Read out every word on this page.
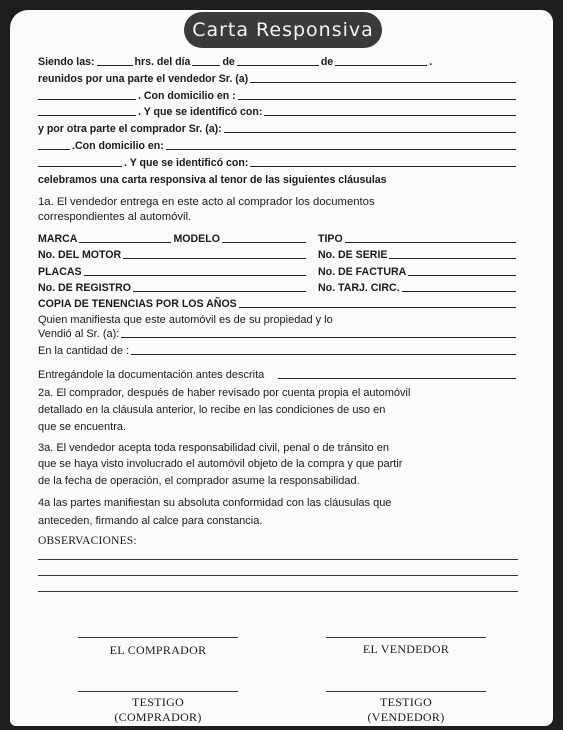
Carta Responsiva
Siendo las:	hrs. del día	de	de	.
reunidos por una parte el vendedor Sr. (a)
. Con domicilio en :
. Y que se identificó con:
y por otra parte el comprador Sr. (a):
.Con domicilio en:
. Y que se identificó con:
celebramos una carta responsiva al tenor de las siguientes cláusulas
1a. El vendedor entrega en este acto al comprador los documentos
correspondientes al automóvil.
MARCA	MODELO	TIPO
No. DEL MOTOR	No. DE SERIE
PLACAS	No. DE FACTURA
No. DE REGISTRO	No. TARJ. CIRC.
COPIA DE TENENCIAS POR LOS AÑOS
Quien manifiesta que este automóvil es de su propiedad y lo
Vendió al Sr. (a):
En la cantidad de :
Entregándole la documentación antes descrita
2a. El comprador, después de haber revisado por cuenta propia el automóvil
detallado en la cláusula anterior, lo recibe en las condiciones de uso en
que se encuentra.
3a. El vendedor acepta toda responsabilidad civil, penal o de tránsito en
que se haya visto involucrado el automóvil objeto de la compra y que partir
de la fecha de operación, el comprador asume la responsabilidad.
4a las partes manifiestan su absoluta conformidad con las cláusulas que
anteceden, firmando al calce para constancia.
OBSERVACIONES:
EL COMPRADOR	EL VENDEDOR
TESTIGO
(COMPRADOR)
TESTIGO
(VENDEDOR)
